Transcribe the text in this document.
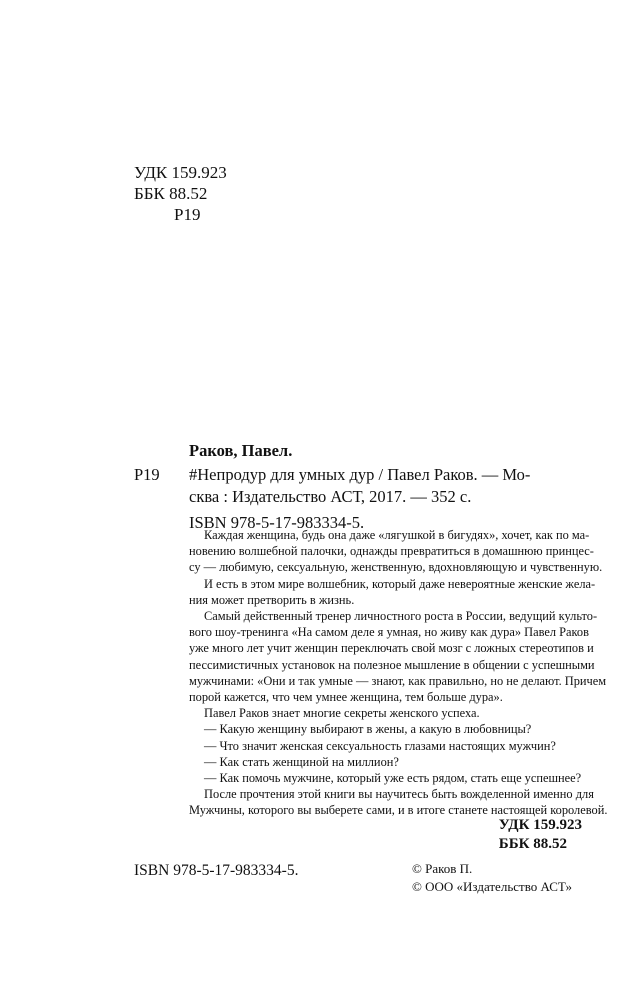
УДК 159.923
ББК 88.52
Р19
Раков, Павел.
Р19 #Непродур для умных дур / Павел Раков. — Мо-
сква : Издательство АСТ, 2017. — 352 с.
ISBN 978-5-17-983334-5.
Каждая женщина, будь она даже «лягушкой в бигудях», хочет, как по ма-
новению волшебной палочки, однажды превратиться в домашнюю принцес-
су — любимую, сексуальную, женственную, вдохновляющую и чувственную.
И есть в этом мире волшебник, который даже невероятные женские жела-
ния может претворить в жизнь.
Самый действенный тренер личностного роста в России, ведущий культо-
вого шоу-тренинга «На самом деле я умная, но живу как дура» Павел Раков
уже много лет учит женщин переключать свой мозг с ложных стереотипов и
пессимистичных установок на полезное мышление в общении с успешными
мужчинами: «Они и так умные — знают, как правильно, но не делают. Причем
порой кажется, что чем умнее женщина, тем больше дура».
Павел Раков знает многие секреты женского успеха.
— Какую женщину выбирают в жены, а какую в любовницы?
— Что значит женская сексуальность глазами настоящих мужчин?
— Как стать женщиной на миллион?
— Как помочь мужчине, который уже есть рядом, стать еще успешнее?
После прочтения этой книги вы научитесь быть вожделенной именно для
Мужчины, которого вы выберете сами, и в итоге станете настоящей королевой.
УДК 159.923
ББК 88.52
ISBN 978-5-17-983334-5.	© Раков П.
© ООО «Издательство АСТ»
